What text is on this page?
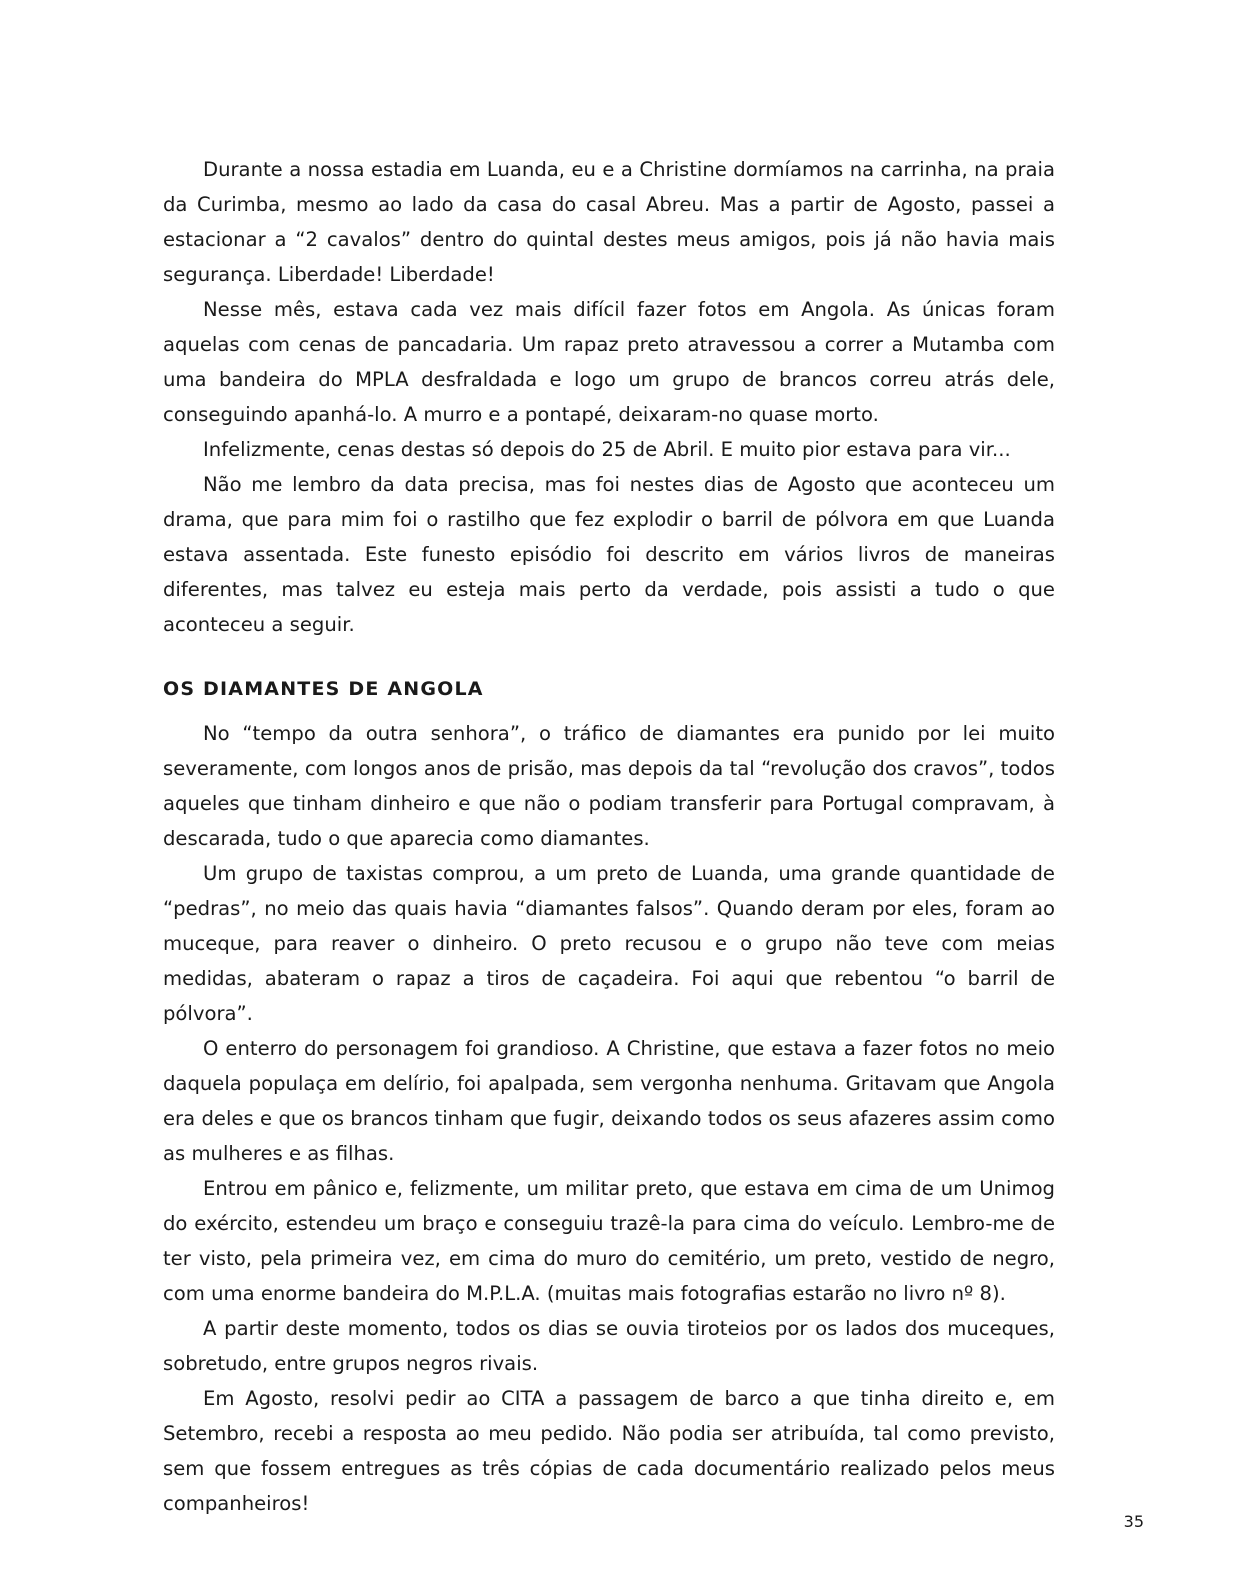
Durante a nossa estadia em Luanda, eu e a Christine dormíamos na carrinha, na praia da Curimba, mesmo ao lado da casa do casal Abreu. Mas a partir de Agosto, passei a estacionar a “2 cavalos” dentro do quintal destes meus amigos, pois já não havia mais segurança. Liberdade! Liberdade!

Nesse mês, estava cada vez mais difícil fazer fotos em Angola. As únicas foram aquelas com cenas de pancadaria. Um rapaz preto atravessou a correr a Mutamba com uma bandeira do MPLA desfraldada e logo um grupo de brancos correu atrás dele, conseguindo apanhá-lo. A murro e a pontapé, deixaram-no quase morto.

Infelizmente, cenas destas só depois do 25 de Abril. E muito pior estava para vir...

Não me lembro da data precisa, mas foi nestes dias de Agosto que aconteceu um drama, que para mim foi o rastilho que fez explodir o barril de pólvora em que Luanda estava assentada. Este funesto episódio foi descrito em vários livros de maneiras diferentes, mas talvez eu esteja mais perto da verdade, pois assisti a tudo o que aconteceu a seguir.

OS DIAMANTES DE ANGOLA

No “tempo da outra senhora”, o tráfico de diamantes era punido por lei muito severamente, com longos anos de prisão, mas depois da tal “revolução dos cravos”, todos aqueles que tinham dinheiro e que não o podiam transferir para Portugal compravam, à descarada, tudo o que aparecia como diamantes.

Um grupo de taxistas comprou, a um preto de Luanda, uma grande quantidade de “pedras”, no meio das quais havia “diamantes falsos”. Quando deram por eles, foram ao muceque, para reaver o dinheiro. O preto recusou e o grupo não teve com meias medidas, abateram o rapaz a tiros de caçadeira. Foi aqui que rebentou “o barril de pólvora”.

O enterro do personagem foi grandioso. A Christine, que estava a fazer fotos no meio daquela populaça em delírio, foi apalpada, sem vergonha nenhuma. Gritavam que Angola era deles e que os brancos tinham que fugir, deixando todos os seus afazeres assim como as mulheres e as filhas.

Entrou em pânico e, felizmente, um militar preto, que estava em cima de um Unimog do exército, estendeu um braço e conseguiu trazê-la para cima do veículo. Lembro-me de ter visto, pela primeira vez, em cima do muro do cemitério, um preto, vestido de negro, com uma enorme bandeira do M.P.L.A. (muitas mais fotografias estarão no livro nº 8).

A partir deste momento, todos os dias se ouvia tiroteios por os lados dos muceques, sobretudo, entre grupos negros rivais.

Em Agosto, resolvi pedir ao CITA a passagem de barco a que tinha direito e, em Setembro, recebi a resposta ao meu pedido. Não podia ser atribuída, tal como previsto, sem que fossem entregues as três cópias de cada documentário realizado pelos meus companheiros!

35
